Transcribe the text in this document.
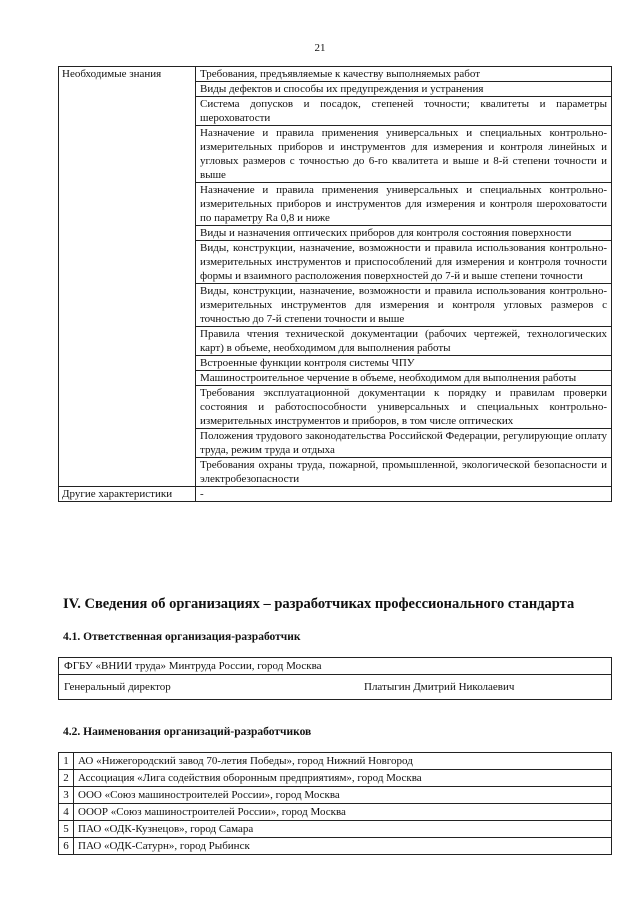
21
Необходимые знания	Требования, предъявляемые к качеству выполняемых работ
	Виды дефектов и способы их предупреждения и устранения
	Система допусков и посадок, степеней точности; квалитеты и параметры шероховатости
	Назначение и правила применения универсальных и специальных контрольно-измерительных приборов и инструментов для измерения и контроля линейных и угловых размеров с точностью до 6-го квалитета и выше и 8-й степени точности и выше
	Назначение и правила применения универсальных и специальных контрольно-измерительных приборов и инструментов для измерения и контроля шероховатости по параметру Ra 0,8 и ниже
	Виды и назначения оптических приборов для контроля состояния поверхности
	Виды, конструкции, назначение, возможности и правила использования контрольно-измерительных инструментов и приспособлений для измерения и контроля точности формы и взаимного расположения поверхностей до 7-й и выше степени точности
	Виды, конструкции, назначение, возможности и правила использования контрольно-измерительных инструментов для измерения и контроля угловых размеров с точностью до 7-й степени точности и выше
	Правила чтения технической документации (рабочих чертежей, технологических карт) в объеме, необходимом для выполнения работы
	Встроенные функции контроля системы ЧПУ
	Машиностроительное черчение в объеме, необходимом для выполнения работы
	Требования эксплуатационной документации к порядку и правилам проверки состояния и работоспособности универсальных и специальных контрольно-измерительных инструментов и приборов, в том числе оптических
	Положения трудового законодательства Российской Федерации, регулирующие оплату труда, режим труда и отдыха
	Требования охраны труда, пожарной, промышленной, экологической безопасности и электробезопасности
Другие характеристики	-
IV. Сведения об организациях – разработчиках профессионального стандарта
4.1. Ответственная организация-разработчик
ФГБУ «ВНИИ труда» Минтруда России, город Москва
Генеральный директор	Платыгин Дмитрий Николаевич
4.2. Наименования организаций-разработчиков
1	АО «Нижегородский завод 70-летия Победы», город Нижний Новгород
2	Ассоциация «Лига содействия оборонным предприятиям», город Москва
3	ООО «Союз машиностроителей России», город Москва
4	ООOР «Союз машиностроителей России», город Москва
5	ПАО «ОДК-Кузнецов», город Самара
6	ПАО «ОДК-Сатурн», город Рыбинск
